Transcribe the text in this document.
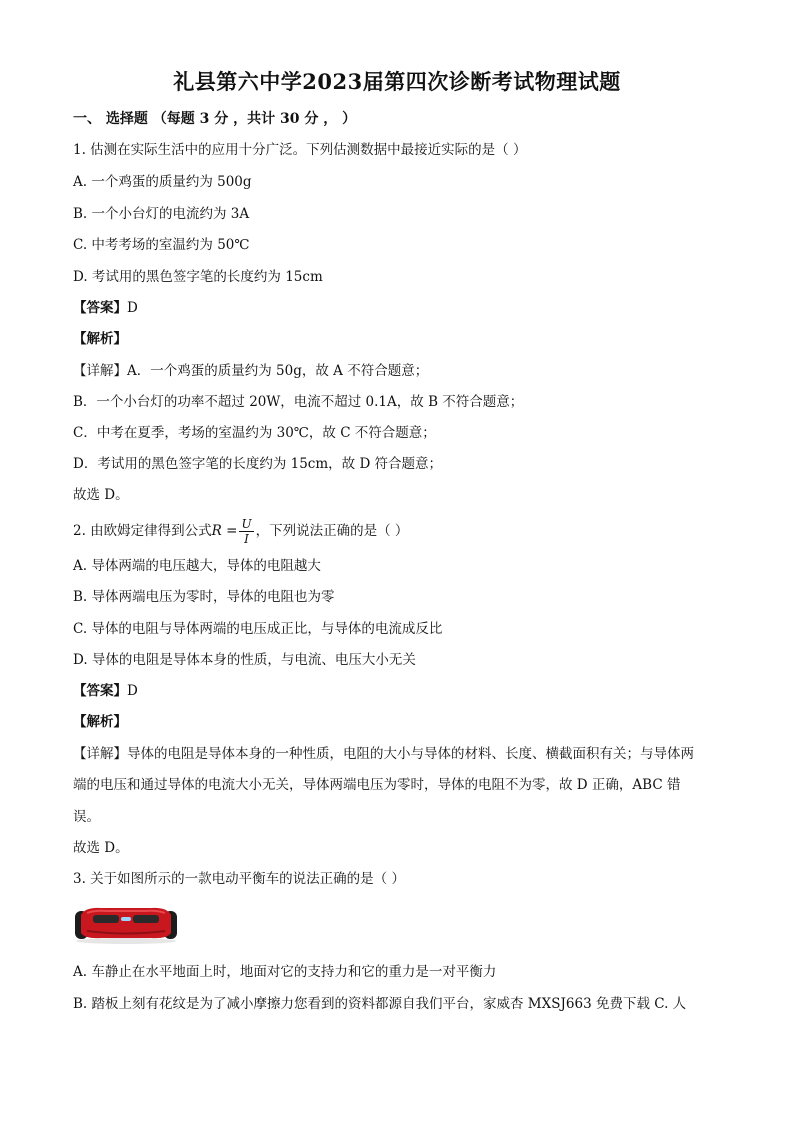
礼县第六中学2023届第四次诊断考试物理试题
一、 选择题 （每题 3 分 ，共计 30 分 ， ）
1. 估测在实际生活中的应用十分广泛。下列估测数据中最接近实际的是（ ）
A. 一个鸡蛋的质量约为 500g
B. 一个小台灯的电流约为 3A
C. 中考考场的室温约为 50℃
D. 考试用的黑色签字笔的长度约为 15cm
【答案】D
【解析】
【详解】A．一个鸡蛋的质量约为 50g，故 A 不符合题意；
B．一个小台灯的功率不超过 20W，电流不超过 0.1A，故 B 不符合题意；
C．中考在夏季，考场的室温约为 30℃，故 C 不符合题意；
D．考试用的黑色签字笔的长度约为 15cm，故 D 符合题意；
故选 D。
2. 由欧姆定律得到公式$R = \frac{U}{I}$ ，下列说法正确的是（ ）
A. 导体两端的电压越大，导体的电阻越大
B. 导体两端电压为零时，导体的电阻也为零
C. 导体的电阻与导体两端的电压成正比，与导体的电流成反比
D. 导体的电阻是导体本身的性质，与电流、电压大小无关
【答案】D
【解析】
【详解】导体的电阻是导体本身的一种性质，电阻的大小与导体的材料、长度、横截面积有关；与导体两
端的电压和通过导体的电流大小无关，导体两端电压为零时，导体的电阻不为零，故 D 正确，ABC 错
误。
故选 D。
3. 关于如图所示的一款电动平衡车的说法正确的是（ ）
A. 车静止在水平地面上时，地面对它的支持力和它的重力是一对平衡力
B. 踏板上刻有花纹是为了减小摩擦力您看到的资料都源自我们平台，家威杏 MXSJ663 免费下载 C. 人
